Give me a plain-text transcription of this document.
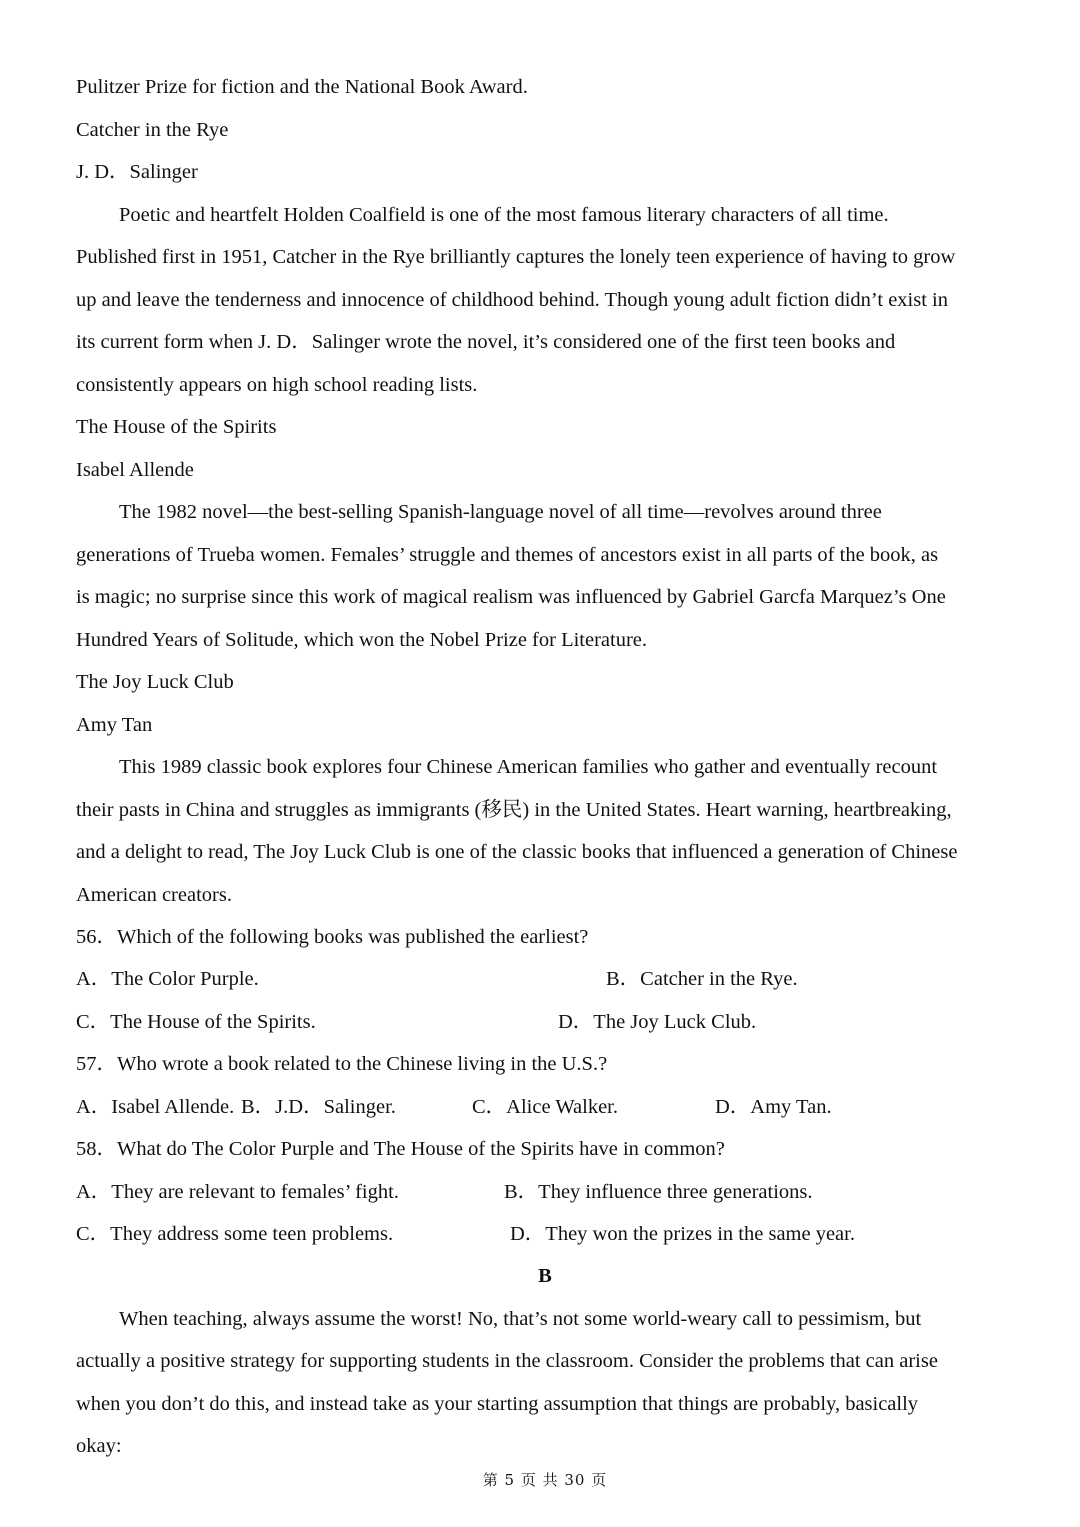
Pulitzer Prize for fiction and the National Book Award.

Catcher in the Rye

J. D．Salinger

Poetic and heartfelt Holden Coalfield is one of the most famous literary characters of all time.

Published first in 1951, Catcher in the Rye brilliantly captures the lonely teen experience of having to grow

up and leave the tenderness and innocence of childhood behind. Though young adult fiction didn’t exist in

its current form when J. D．Salinger wrote the novel, it’s considered one of the first teen books and

consistently appears on high school reading lists.

The House of the Spirits

Isabel Allende

The 1982 novel—the best-selling Spanish-language novel of all time—revolves around three

generations of Trueba women. Females’ struggle and themes of ancestors exist in all parts of the book, as

is magic; no surprise since this work of magical realism was influenced by Gabriel Garcfa Marquez’s One

Hundred Years of Solitude, which won the Nobel Prize for Literature.

The Joy Luck Club

Amy Tan

This 1989 classic book explores four Chinese American families who gather and eventually recount

their pasts in China and struggles as immigrants (移民) in the United States. Heart warning, heartbreaking,

and a delight to read, The Joy Luck Club is one of the classic books that influenced a generation of Chinese

American creators.

56．Which of the following books was published the earliest?

A．The Color Purple.	B．Catcher in the Rye.
C．The House of the Spirits.	D．The Joy Luck Club.

57．Who wrote a book related to the Chinese living in the U.S.?

A．Isabel Allende. B．J.D．Salinger.	C．Alice Walker.	D．Amy Tan.

58．What do The Color Purple and The House of the Spirits have in common?

A．They are relevant to females’ fight.	B．They influence three generations.
C．They address some teen problems.	D．They won the prizes in the same year.
B

When teaching, always assume the worst! No, that’s not some world-weary call to pessimism, but

actually a positive strategy for supporting students in the classroom. Consider the problems that can arise

when you don’t do this, and instead take as your starting assumption that things are probably, basically

okay:

第 5 页 共 30 页
